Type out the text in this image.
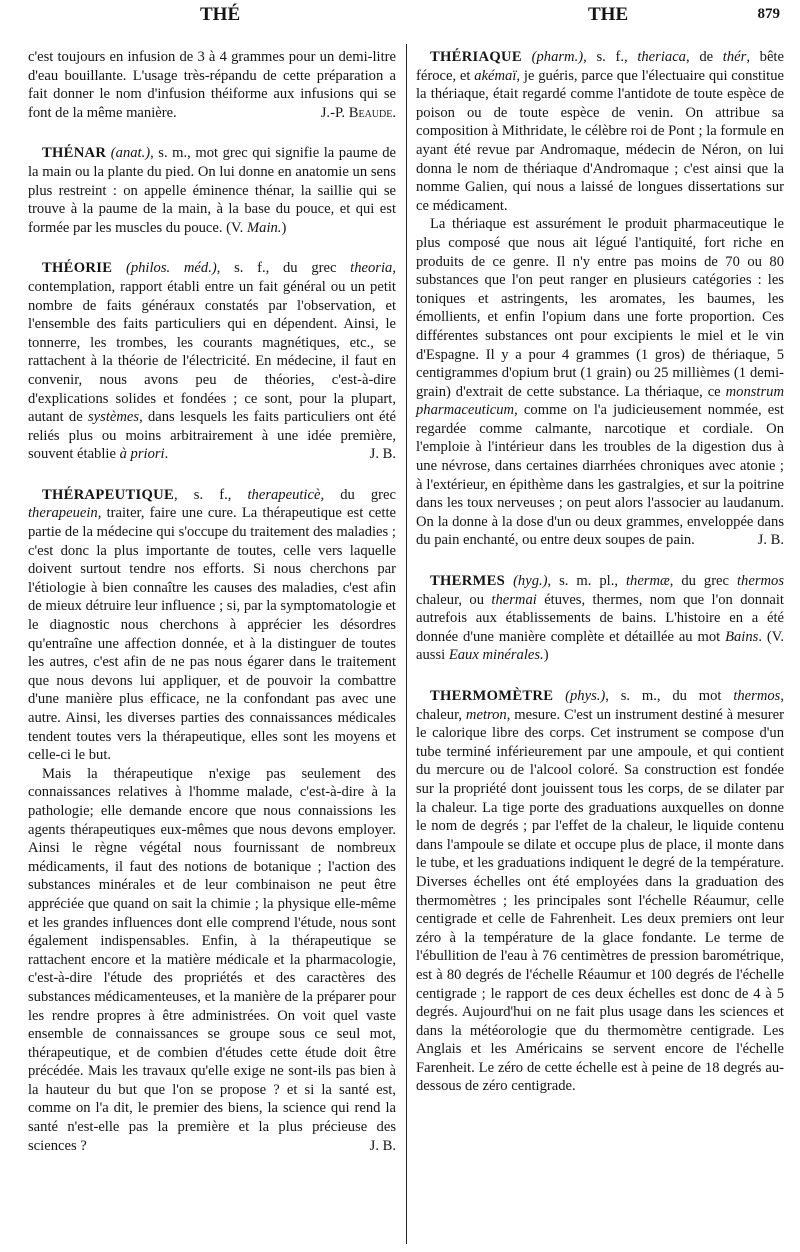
THÉ	THE	879

c'est toujours en infusion de 3 à 4 grammes pour un demi-litre d'eau bouillante. L'usage très-répandu de cette préparation a fait donner le nom d'infusion théiforme aux infusions qui se font de la même manière.	J.-P. Beaude.

THÉNAR (anat.), s. m., mot grec qui signifie la paume de la main ou la plante du pied. On lui donne en anatomie un sens plus restreint : on appelle éminence thénar, la saillie qui se trouve à la paume de la main, à la base du pouce, et qui est formée par les muscles du pouce. (V. Main.)

THÉORIE (philos. méd.), s. f., du grec theoria, contemplation, rapport établi entre un fait général ou un petit nombre de faits généraux constatés par l'observation, et l'ensemble des faits particuliers qui en dépendent. Ainsi, le tonnerre, les trombes, les courants magnétiques, etc., se rattachent à la théorie de l'électricité. En médecine, il faut en convenir, nous avons peu de théories, c'est-à-dire d'explications solides et fondées ; ce sont, pour la plupart, autant de systèmes, dans lesquels les faits particuliers ont été reliés plus ou moins arbitrairement à une idée première, souvent établie à priori.	J. B.

THÉRAPEUTIQUE, s. f., therapeuticè, du grec therapeuein, traiter, faire une cure. La thérapeutique est cette partie de la médecine qui s'occupe du traitement des maladies ; c'est donc la plus importante de toutes, celle vers laquelle doivent surtout tendre nos efforts. Si nous cherchons par l'étiologie à bien connaître les causes des maladies, c'est afin de mieux détruire leur influence ; si, par la symptomatologie et le diagnostic nous cherchons à apprécier les désordres qu'entraîne une affection donnée, et à la distinguer de toutes les autres, c'est afin de ne pas nous égarer dans le traitement que nous devons lui appliquer, et de pouvoir la combattre d'une manière plus efficace, ne la confondant pas avec une autre. Ainsi, les diverses parties des connaissances médicales tendent toutes vers la thérapeutique, elles sont les moyens et celle-ci le but.

Mais la thérapeutique n'exige pas seulement des connaissances relatives à l'homme malade, c'est-à-dire à la pathologie; elle demande encore que nous connaissions les agents thérapeutiques eux-mêmes que nous devons employer. Ainsi le règne végétal nous fournissant de nombreux médicaments, il faut des notions de botanique ; l'action des substances minérales et de leur combinaison ne peut être appréciée que quand on sait la chimie ; la physique elle-même et les grandes influences dont elle comprend l'étude, nous sont également indispensables. Enfin, à la thérapeutique se rattachent encore et la matière médicale et la pharmacologie, c'est-à-dire l'étude des propriétés et des caractères des substances médicamenteuses, et la manière de la préparer pour les rendre propres à être administrées. On voit quel vaste ensemble de connaissances se groupe sous ce seul mot, thérapeutique, et de combien d'études cette étude doit être précédée. Mais les travaux qu'elle exige ne sont-ils pas bien à la hauteur du but que l'on se propose ? et si la santé est, comme on l'a dit, le premier des biens, la science qui rend la santé n'est-elle pas la première et la plus précieuse des sciences ?	J. B.

THÉRIAQUE (pharm.), s. f., theriaca, de thér, bête féroce, et akémaï, je guéris, parce que l'électuaire qui constitue la thériaque, était regardé comme l'antidote de toute espèce de poison ou de toute espèce de venin. On attribue sa composition à Mithridate, le célèbre roi de Pont ; la formule en ayant été revue par Andromaque, médecin de Néron, on lui donna le nom de thériaque d'Andromaque ; c'est ainsi que la nomme Galien, qui nous a laissé de longues dissertations sur ce médicament.

La thériaque est assurément le produit pharmaceutique le plus composé que nous ait légué l'antiquité, fort riche en produits de ce genre. Il n'y entre pas moins de 70 ou 80 substances que l'on peut ranger en plusieurs catégories : les toniques et astringents, les aromates, les baumes, les émollients, et enfin l'opium dans une forte proportion. Ces différentes substances ont pour excipients le miel et le vin d'Espagne. Il y a pour 4 grammes (1 gros) de thériaque, 5 centigrammes d'opium brut (1 grain) ou 25 millièmes (1 demi-grain) d'extrait de cette substance. La thériaque, ce monstrum pharmaceuticum, comme on l'a judicieusement nommée, est regardée comme calmante, narcotique et cordiale. On l'emploie à l'intérieur dans les troubles de la digestion dus à une névrose, dans certaines diarrhées chroniques avec atonie ; à l'extérieur, en épithème dans les gastralgies, et sur la poitrine dans les toux nerveuses ; on peut alors l'associer au laudanum. On la donne à la dose d'un ou deux grammes, enveloppée dans du pain enchanté, ou entre deux soupes de pain.	J. B.

THERMES (hyg.), s. m. pl., thermæ, du grec thermos chaleur, ou thermai étuves, thermes, nom que l'on donnait autrefois aux établissements de bains. L'histoire en a été donnée d'une manière complète et détaillée au mot Bains. (V. aussi Eaux minérales.)

THERMOMÈTRE (phys.), s. m., du mot thermos, chaleur, metron, mesure. C'est un instrument destiné à mesurer le calorique libre des corps. Cet instrument se compose d'un tube terminé inférieurement par une ampoule, et qui contient du mercure ou de l'alcool coloré. Sa construction est fondée sur la propriété dont jouissent tous les corps, de se dilater par la chaleur. La tige porte des graduations auxquelles on donne le nom de degrés ; par l'effet de la chaleur, le liquide contenu dans l'ampoule se dilate et occupe plus de place, il monte dans le tube, et les graduations indiquent le degré de la température. Diverses échelles ont été employées dans la graduation des thermomètres ; les principales sont l'échelle Réaumur, celle centigrade et celle de Fahrenheit. Les deux premiers ont leur zéro à la température de la glace fondante. Le terme de l'ébullition de l'eau à 76 centimètres de pression barométrique, est à 80 degrés de l'échelle Réaumur et 100 degrés de l'échelle centigrade ; le rapport de ces deux échelles est donc de 4 à 5 degrés. Aujourd'hui on ne fait plus usage dans les sciences et dans la météorologie que du thermomètre centigrade. Les Anglais et les Américains se servent encore de l'échelle Farenheit. Le zéro de cette échelle est à peine de 18 degrés au-dessous de zéro centigrade.
